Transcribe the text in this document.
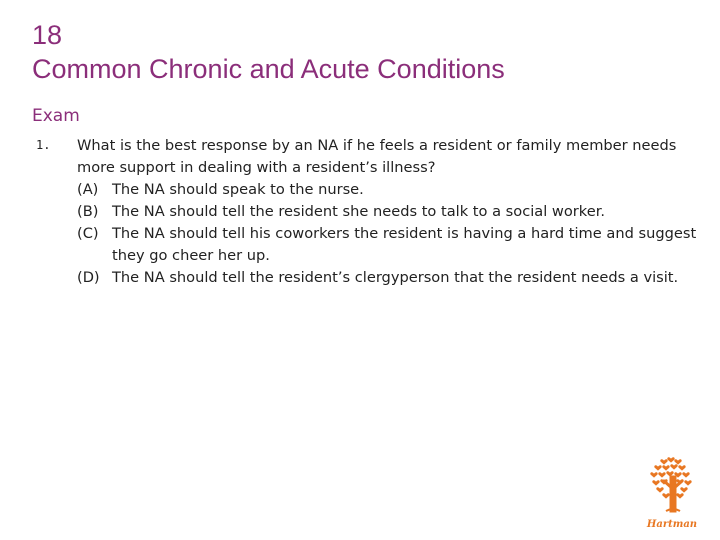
18
Common Chronic and Acute Conditions
Exam
1. What is the best response by an NA if he feels a resident or family member needs more support in dealing with a resident’s illness?
(A) The NA should speak to the nurse.
(B) The NA should tell the resident she needs to talk to a social worker.
(C) The NA should tell his coworkers the resident is having a hard time and suggest they go cheer her up.
(D) The NA should tell the resident’s clergyperson that the resident needs a visit.
Hartman
